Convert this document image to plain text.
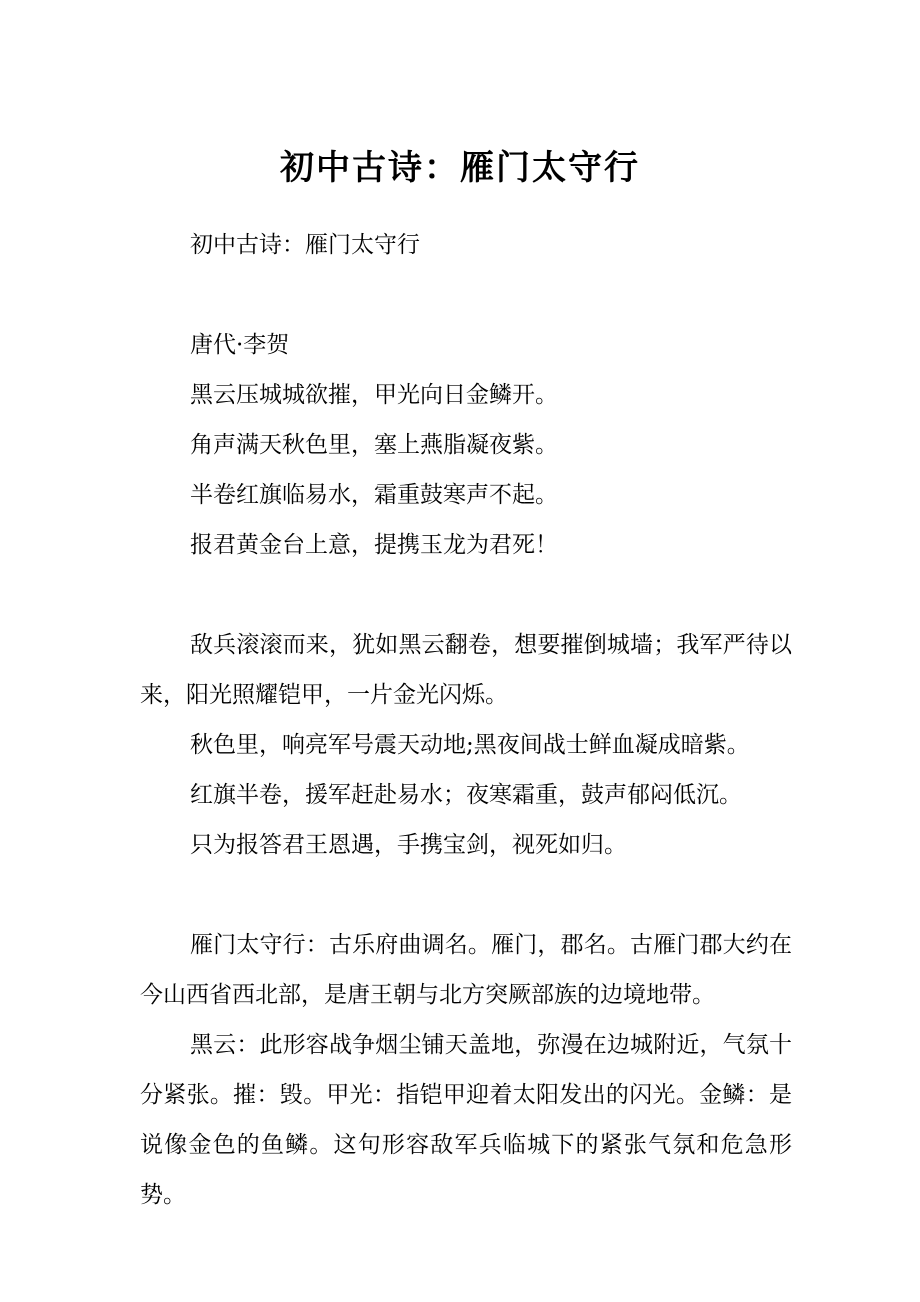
初中古诗：雁门太守行

初中古诗：雁门太守行

唐代·李贺

黑云压城城欲摧，甲光向日金鳞开。

角声满天秋色里，塞上燕脂凝夜紫。

半卷红旗临易水，霜重鼓寒声不起。

报君黄金台上意，提携玉龙为君死！

敌兵滚滚而来，犹如黑云翻卷，想要摧倒城墙；我军严待以来，阳光照耀铠甲，一片金光闪烁。

秋色里，响亮军号震天动地;黑夜间战士鲜血凝成暗紫。

红旗半卷，援军赶赴易水；夜寒霜重，鼓声郁闷低沉。

只为报答君王恩遇，手携宝剑，视死如归。

雁门太守行：古乐府曲调名。雁门，郡名。古雁门郡大约在今山西省西北部，是唐王朝与北方突厥部族的边境地带。

黑云：此形容战争烟尘铺天盖地，弥漫在边城附近，气氛十分紧张。摧：毁。甲光：指铠甲迎着太阳发出的闪光。金鳞：是说像金色的鱼鳞。这句形容敌军兵临城下的紧张气氛和危急形势。
